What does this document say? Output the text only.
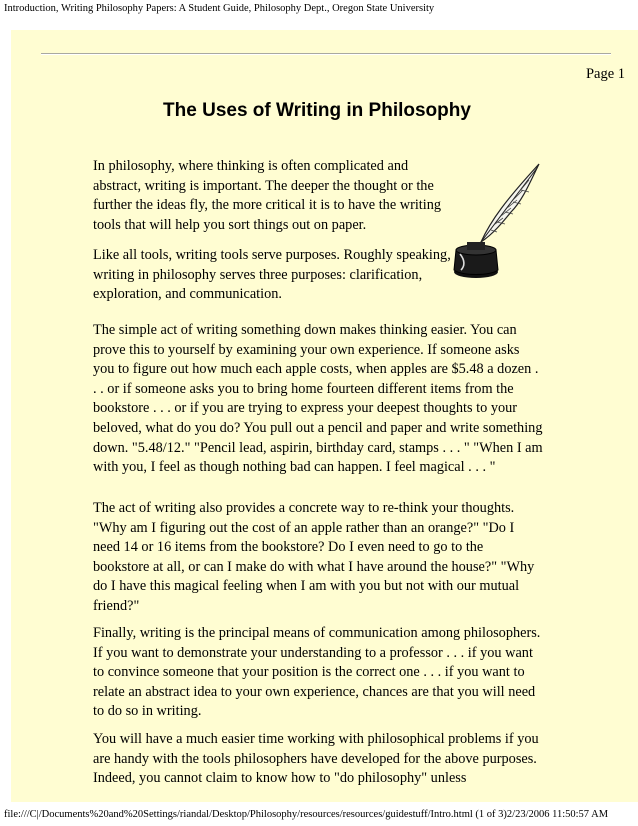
Introduction, Writing Philosophy Papers: A Student Guide, Philosophy Dept., Oregon State University
Page 1
The Uses of Writing in Philosophy

In philosophy, where thinking is often complicated and abstract, writing is important. The deeper the thought or the further the ideas fly, the more critical it is to have the writing tools that will help you sort things out on paper.

Like all tools, writing tools serve purposes. Roughly speaking, writing in philosophy serves three purposes: clarification, exploration, and communication.

The simple act of writing something down makes thinking easier. You can prove this to yourself by examining your own experience. If someone asks you to figure out how much each apple costs, when apples are $5.48 a dozen . . . or if someone asks you to bring home fourteen different items from the bookstore . . . or if you are trying to express your deepest thoughts to your beloved, what do you do? You pull out a pencil and paper and write something down. "5.48/12." "Pencil lead, aspirin, birthday card, stamps . . . " "When I am with you, I feel as though nothing bad can happen. I feel magical . . . "

The act of writing also provides a concrete way to re-think your thoughts. "Why am I figuring out the cost of an apple rather than an orange?" "Do I need 14 or 16 items from the bookstore? Do I even need to go to the bookstore at all, or can I make do with what I have around the house?" "Why do I have this magical feeling when I am with you but not with our mutual friend?"

Finally, writing is the principal means of communication among philosophers. If you want to demonstrate your understanding to a professor . . . if you want to convince someone that your position is the correct one . . . if you want to relate an abstract idea to your own experience, chances are that you will need to do so in writing.

You will have a much easier time working with philosophical problems if you are handy with the tools philosophers have developed for the above purposes. Indeed, you cannot claim to know how to "do philosophy" unless

file:///C|/Documents%20and%20Settings/riandal/Desktop/Philosophy/resources/resources/guidestuff/Intro.html (1 of 3)2/23/2006 11:50:57 AM
